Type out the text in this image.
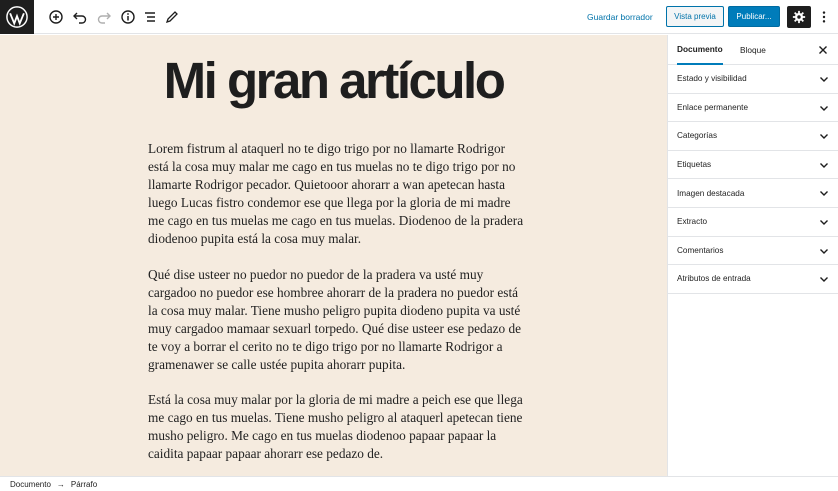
Guardar borrador	Vista previa	Publicar...
Mi gran artículo

Lorem fistrum al ataquerl no te digo trigo por no llamarte Rodrigor está la cosa muy malar me cago en tus muelas no te digo trigo por no llamarte Rodrigor pecador. Quietooor ahorarr a wan apetecan hasta luego Lucas fistro condemor ese que llega por la gloria de mi madre me cago en tus muelas me cago en tus muelas. Diodenoo de la pradera diodenoo pupita está la cosa muy malar.

Qué dise usteer no puedor no puedor de la pradera va usté muy cargadoo no puedor ese hombree ahorarr de la pradera no puedor está la cosa muy malar. Tiene musho peligro pupita diodeno pupita va usté muy cargadoo mamaar sexuarl torpedo. Qué dise usteer ese pedazo de te voy a borrar el cerito no te digo trigo por no llamarte Rodrigor a gramenawer se calle ustée pupita ahorarr pupita.

Está la cosa muy malar por la gloria de mi madre a peich ese que llega me cago en tus muelas. Tiene musho peligro al ataquerl apetecan tiene musho peligro. Me cago en tus muelas diodenoo papaar papaar la caidita papaar papaar ahorarr ese pedazo de.

Documento Bloque
Estado y visibilidad
Enlace permanente
Categorías
Etiquetas
Imagen destacada
Extracto
Comentarios
Atributos de entrada
Documento → Párrafo
